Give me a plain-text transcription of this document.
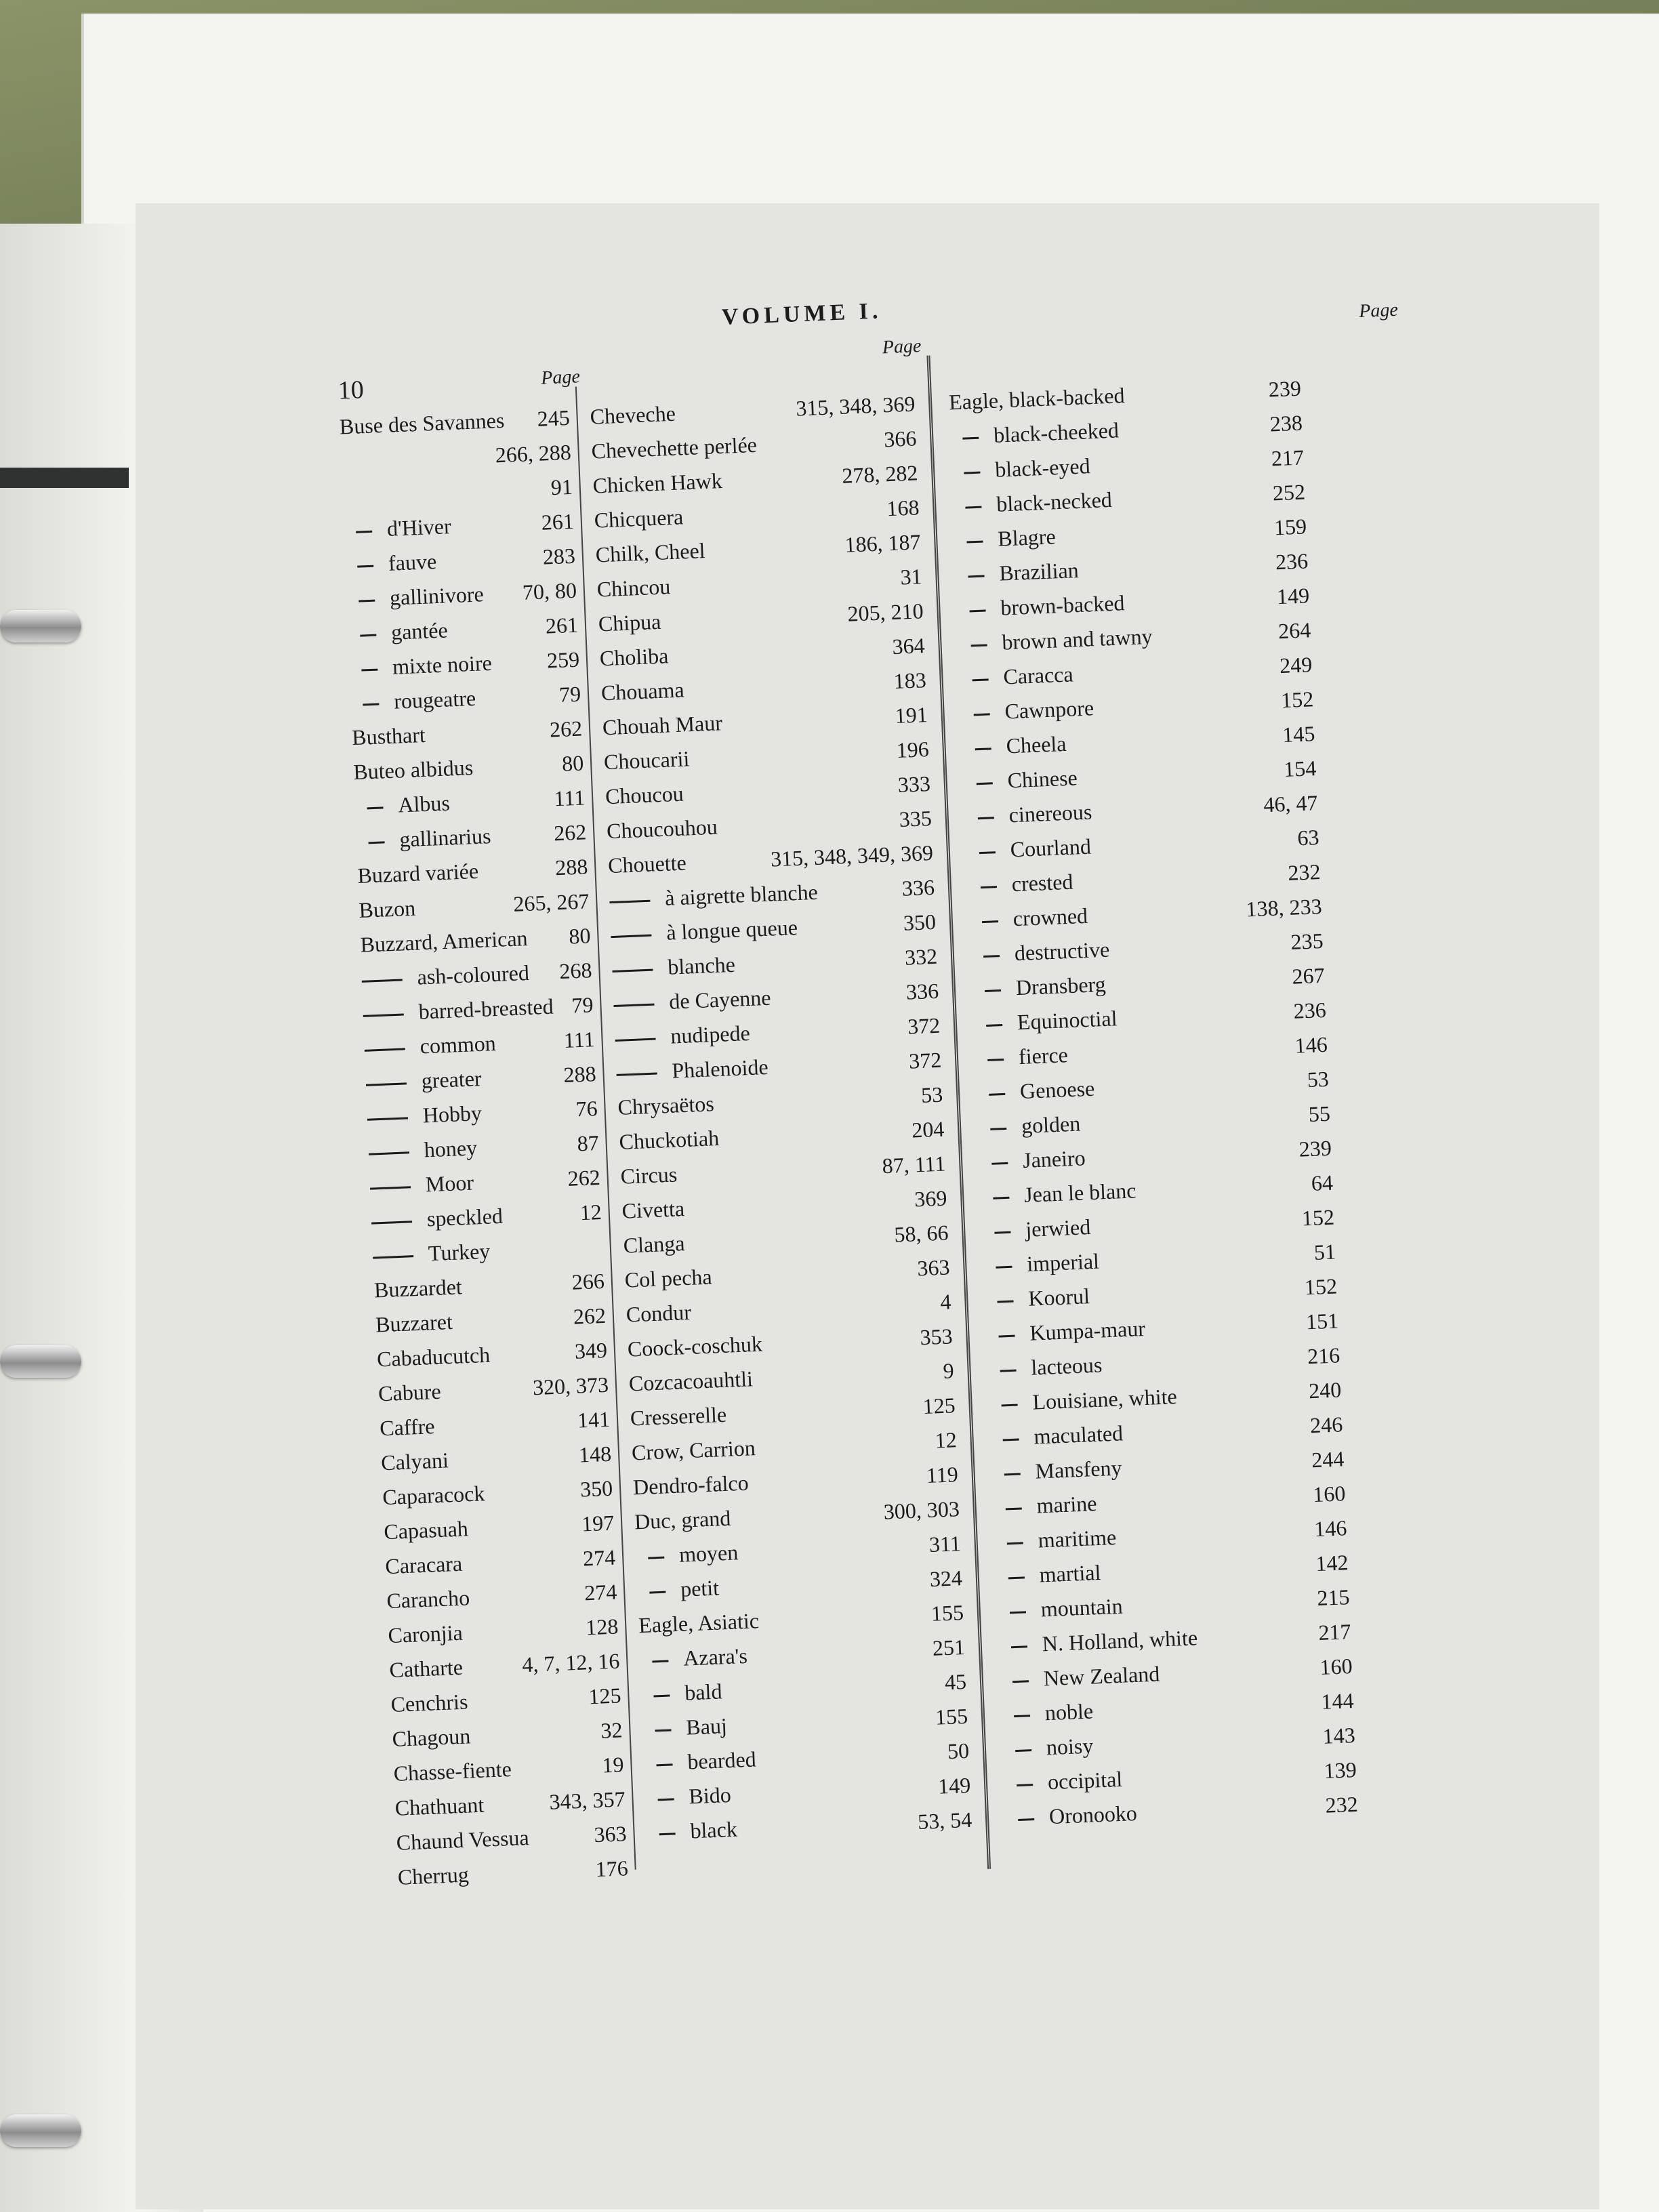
10
VOLUME I.
Page
Page
Page
Buse des Savannes 245
266, 288
91
d'Hiver	261
fauve	283
gallinivore 70, 80
gantée	261
mixte noire 259
rougeatre	79
Busthart	262
Buteo albidus	80
Albus	111
gallinarius	262
Buzard variée	288
Buzon	265, 267
Buzzard, American 80
ash-coloured 268
barred-breasted 79
common	111
greater	288
Hobby	76
honey	87
Moor	262
speckled	12
Turkey
Buzzardet	266
Buzzaret	262
Cabaducutch	349
Cabure	320, 373
Caffre	141
Calyani	148
Caparacock	350
Capasuah	197
Caracara	274
Carancho	274
Caronjia	128
Catharte	4, 7, 12, 16
Cenchris	125
Chagoun	32
Chasse-fiente	19
Chathuant	343, 357
Chaund Vessua	363
Cherrug	176
Cheveche	315, 348, 369
Chevechette perlée	366
Chicken Hawk	278, 282
Chicquera	168
Chilk, Cheel	186, 187
Chincou	31
Chipua	205, 210
Choliba	364
Chouama	183
Chouah Maur	191
Choucarii	196
Choucou	333
Choucouhou	335
Chouette	315, 348, 349, 369
à aigrette blanche	336
à longue queue	350
blanche	332
de Cayenne	336
nudipede	372
Phalenoide	372
Chrysaëtos	53
Chuckotiah	204
Circus	87, 111
Civetta	369
Clanga	58, 66
Col pecha	363
Condur	4
Coock-coschuk	353
Cozcacoauhtli	9
Cresserelle	125
Crow, Carrion	12
Dendro-falco	119
Duc, grand	300, 303
moyen	311
petit	324
Eagle, Asiatic	155
Azara's	251
bald	45
Bauj	155
bearded	50
Bido	149
black	53, 54
Eagle, black-backed	239
black-cheeked	238
black-eyed	217
black-necked	252
Blagre	159
Brazilian	236
brown-backed	149
brown and tawny	264
Caracca	249
Cawnpore	152
Cheela	145
Chinese	154
cinereous	46, 47
Courland	63
crested	232
crowned	138, 233
destructive	235
Dransberg	267
Equinoctial	236
fierce	146
Genoese	53
golden	55
Janeiro	239
Jean le blanc	64
jerwied	152
imperial	51
Koorul	152
Kumpa-maur	151
lacteous	216
Louisiane, white	240
maculated	246
Mansfeny	244
marine	160
maritime	146
martial	142
mountain	215
N. Holland, white	217
New Zealand	160
noble	144
noisy	143
occipital	139
Oronooko	232
